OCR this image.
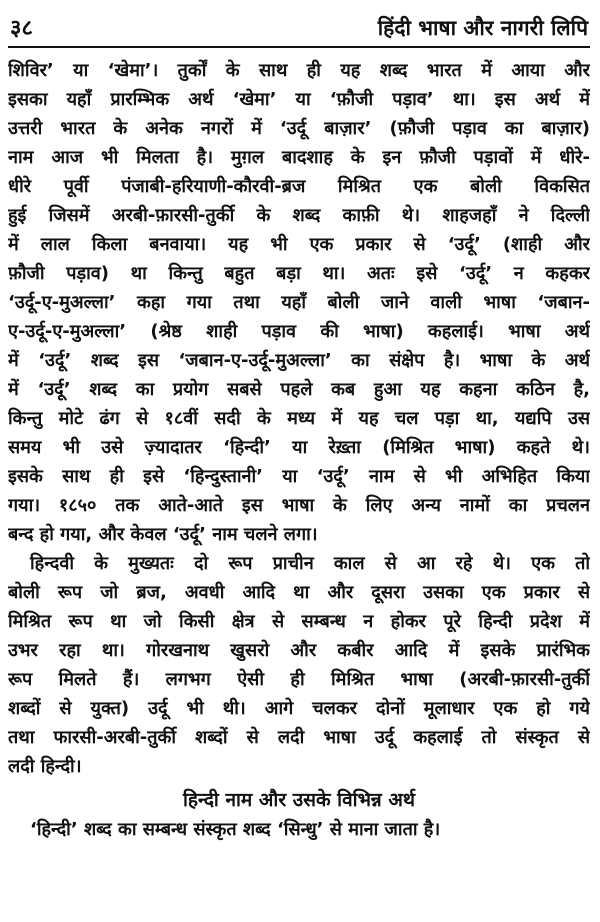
३८	हिंदी भाषा और नागरी लिपि
शिविर’ या ‘खेमा’। तुर्कों के साथ ही यह शब्द भारत में आया और
इसका यहाँ प्रारम्भिक अर्थ ‘खेमा’ या ‘फ़ौजी पड़ाव’ था। इस अर्थ में
उत्तरी भारत के अनेक नगरों में ‘उर्दू बाज़ार’ (फ़ौजी पड़ाव का बाज़ार)
नाम आज भी मिलता है। मुग़ल बादशाह के इन फ़ौजी पड़ावों में धीरे-
धीरे पूर्वी पंजाबी-हरियाणी-कौरवी-ब्रज मिश्रित एक बोली विकसित
हुई जिसमें अरबी-फ़ारसी-तुर्की के शब्द काफ़ी थे। शाहजहाँ ने दिल्ली
में लाल किला बनवाया। यह भी एक प्रकार से ‘उर्दू’ (शाही और
फ़ौजी पड़ाव) था किन्तु बहुत बड़ा था। अतः इसे ‘उर्दू’ न कहकर
‘उर्दू-ए-मुअल्ला’ कहा गया तथा यहाँ बोली जाने वाली भाषा ‘जबान-
ए-उर्दू-ए-मुअल्ला’ (श्रेष्ठ शाही पड़ाव की भाषा) कहलाई। भाषा अर्थ
में ‘उर्दू’ शब्द इस ‘जबान-ए-उर्दू-मुअल्ला’ का संक्षेप है। भाषा के अर्थ
में ‘उर्दू’ शब्द का प्रयोग सबसे पहले कब हुआ यह कहना कठिन है,
किन्तु मोटे ढंग से १८वीं सदी के मध्य में यह चल पड़ा था, यद्यपि उस
समय भी उसे ज़्यादातर ‘हिन्दी’ या रेख़्ता (मिश्रित भाषा) कहते थे।
इसके साथ ही इसे ‘हिन्दुस्तानी’ या ‘उर्दू’ नाम से भी अभिहित किया
गया। १८५० तक आते-आते इस भाषा के लिए अन्य नामों का प्रचलन
बन्द हो गया, और केवल ‘उर्दू’ नाम चलने लगा।
हिन्दवी के मुख्यतः दो रूप प्राचीन काल से आ रहे थे। एक तो
बोली रूप जो ब्रज, अवधी आदि था और दूसरा उसका एक प्रकार से
मिश्रित रूप था जो किसी क्षेत्र से सम्बन्ध न होकर पूरे हिन्दी प्रदेश में
उभर रहा था। गोरखनाथ खुसरो और कबीर आदि में इसके प्रारंभिक
रूप मिलते हैं। लगभग ऐसी ही मिश्रित भाषा (अरबी-फ़ारसी-तुर्की
शब्दों से युक्त) उर्दू भी थी। आगे चलकर दोनों मूलाधार एक हो गये
तथा फारसी-अरबी-तुर्की शब्दों से लदी भाषा उर्दू कहलाई तो संस्कृत से
लदी हिन्दी।
हिन्दी नाम और उसके विभिन्न अर्थ
‘हिन्दी’ शब्द का सम्बन्ध संस्कृत शब्द ‘सिन्धु’ से माना जाता है।
